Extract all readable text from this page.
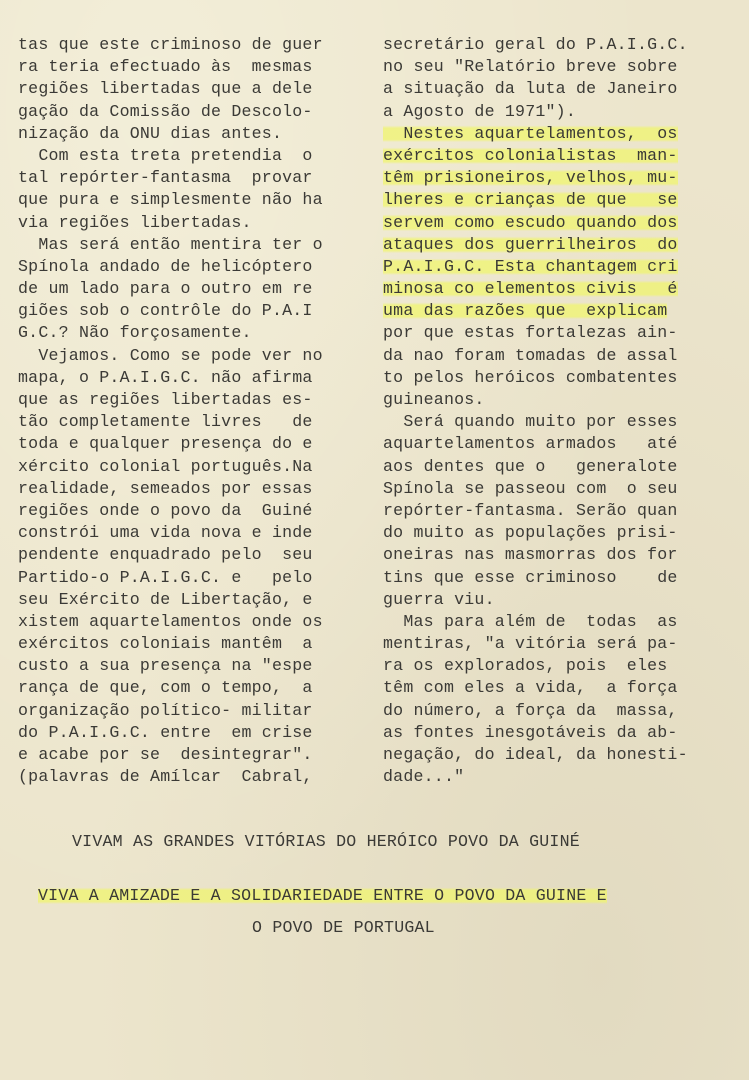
tas que este criminoso de guer
ra teria efectuado às  mesmas
regiões libertadas que a dele
gação da Comissão de Descolo-
nização da ONU dias antes.
Com esta treta pretendia  o
tal repórter-fantasma  provar
que pura e simplesmente não ha
via regiões libertadas.
Mas será então mentira ter o
Spínola andado de helicóptero
de um lado para o outro em re
giões sob o contrôle do P.A.I
G.C.? Não forçosamente.
Vejamos. Como se pode ver no
mapa, o P.A.I.G.C. não afirma
que as regiões libertadas es-
tão completamente livres   de
toda e qualquer presença do e
xército colonial português.Na
realidade, semeados por essas
regiões onde o povo da  Guiné
constrói uma vida nova e inde
pendente enquadrado pelo  seu
Partido-o P.A.I.G.C. e   pelo
seu Exército de Libertação, e
xistem aquartelamentos onde os
exércitos coloniais mantêm  a
custo a sua presença na "espe
rança de que, com o tempo,  a
organização político- militar
do P.A.I.G.C. entre  em crise
e acabe por se  desintegrar".
(palavras de Amílcar  Cabral,
secretário geral do P.A.I.G.C.
no seu "Relatório breve sobre
a situação da luta de Janeiro
a Agosto de 1971").
Nestes aquartelamentos,  os
exércitos colonialistas  man-
têm prisioneiros, velhos, mu-
lheres e crianças de que   se
servem como escudo quando dos
ataques dos guerrilheiros  do
P.A.I.G.C. Esta chantagem cri
minosa co elementos civis   é
uma das razões que  explicam
por que estas fortalezas ain-
da nao foram tomadas de assal
to pelos heróicos combatentes
guineanos.
Será quando muito por esses
aquartelamentos armados   até
aos dentes que o   generalote
Spínola se passeou com  o seu
repórter-fantasma. Serão quan
do muito as populações prisi-
oneiras nas masmorras dos for
tins que esse criminoso    de
guerra viu.
Mas para além de  todas  as
mentiras, "a vitória será pa-
ra os explorados, pois  eles
têm com eles a vida,  a força
do número, a força da  massa,
as fontes inesgotáveis da ab-
negação, do ideal, da honesti-
dade..."
VIVAM AS GRANDES VITÓRIAS DO HERÓICO POVO DA GUINÉ
VIVA A AMIZADE E A SOLIDARIEDADE ENTRE O POVO DA GUINE E
O POVO DE PORTUGAL
